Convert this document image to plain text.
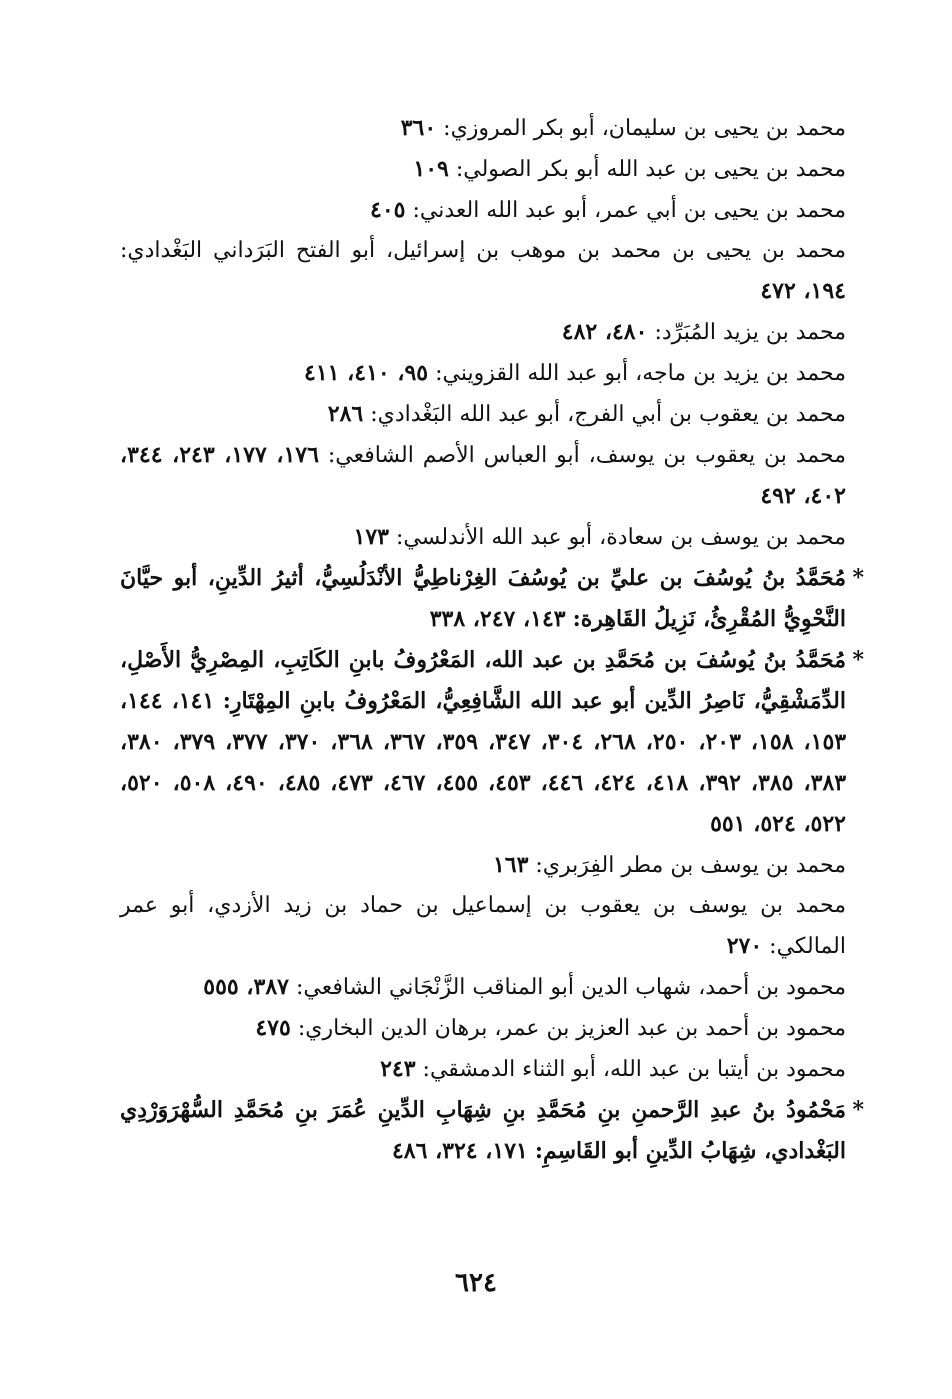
محمد بن يحيى بن سليمان، أبو بكر المروزي: ٣٦٠

محمد بن يحيى بن عبد الله أبو بكر الصولي: ١٠٩

محمد بن يحيى بن أبي عمر، أبو عبد الله العدني: ٤٠٥

محمد بن يحيى بن محمد بن موهب بن إسرائيل، أبو الفتح البَرَداني البَغْدادي: ١٩٤، ٤٧٢

محمد بن يزيد المُبَرِّد: ٤٨٠، ٤٨٢

محمد بن يزيد بن ماجه، أبو عبد الله القزويني: ٩٥، ٤١٠، ٤١١

محمد بن يعقوب بن أبي الفرج، أبو عبد الله البَغْدادي: ٢٨٦

محمد بن يعقوب بن يوسف، أبو العباس الأصم الشافعي: ١٧٦، ١٧٧، ٢٤٣، ٣٤٤، ٤٠٢، ٤٩٢

محمد بن يوسف بن سعادة، أبو عبد الله الأندلسي: ١٧٣

*
مُحَمَّدُ بنُ يُوسُفَ بن عليِّ بن يُوسُفَ الغِرْناطِيُّ الأنْدَلُسِيُّ، أثيرُ الدِّينِ، أبو حيَّانَ النَّحْوِيُّ المُقْرِئُ، نَزِيلُ القَاهِرة: ١٤٣، ٢٤٧، ٣٣٨

*
مُحَمَّدُ بنُ يُوسُفَ بن مُحَمَّدِ بن عبد الله، المَعْرُوفُ بابنِ الكَاتِبِ، المِصْرِيُّ الأَصْلِ، الدِّمَشْقِيُّ، نَاصِرُ الدِّين أبو عبد الله الشَّافِعِيُّ، المَعْرُوفُ بابنِ المِهْتَارِ: ١٤١، ١٤٤، ١٥٣، ١٥٨، ٢٠٣، ٢٥٠، ٢٦٨، ٣٠٤، ٣٤٧، ٣٥٩، ٣٦٧، ٣٦٨، ٣٧٠، ٣٧٧، ٣٧٩، ٣٨٠، ٣٨٣، ٣٨٥، ٣٩٢، ٤١٨، ٤٢٤، ٤٤٦، ٤٥٣، ٤٥٥، ٤٦٧، ٤٧٣، ٤٨٥، ٤٩٠، ٥٠٨، ٥٢٠، ٥٢٢، ٥٢٤، ٥٥١

محمد بن يوسف بن مطر الفِرَبري: ١٦٣

محمد بن يوسف بن يعقوب بن إسماعيل بن حماد بن زيد الأزدي، أبو عمر المالكي: ٢٧٠

محمود بن أحمد، شهاب الدين أبو المناقب الزَّنْجَاني الشافعي: ٣٨٧، ٥٥٥

محمود بن أحمد بن عبد العزيز بن عمر، برهان الدين البخاري: ٤٧٥

محمود بن أيتبا بن عبد الله، أبو الثناء الدمشقي: ٢٤٣

*
مَحْمُودُ بنُ عبدِ الرَّحمنِ بنِ مُحَمَّدِ بنِ شِهَابِ الدِّينِ عُمَرَ بنِ مُحَمَّدِ السُّهْرَوَرْدِي البَغْدادي، شِهَابُ الدِّينِ أبو القَاسِمِ: ١٧١، ٣٢٤، ٤٨٦

٦٢٤
